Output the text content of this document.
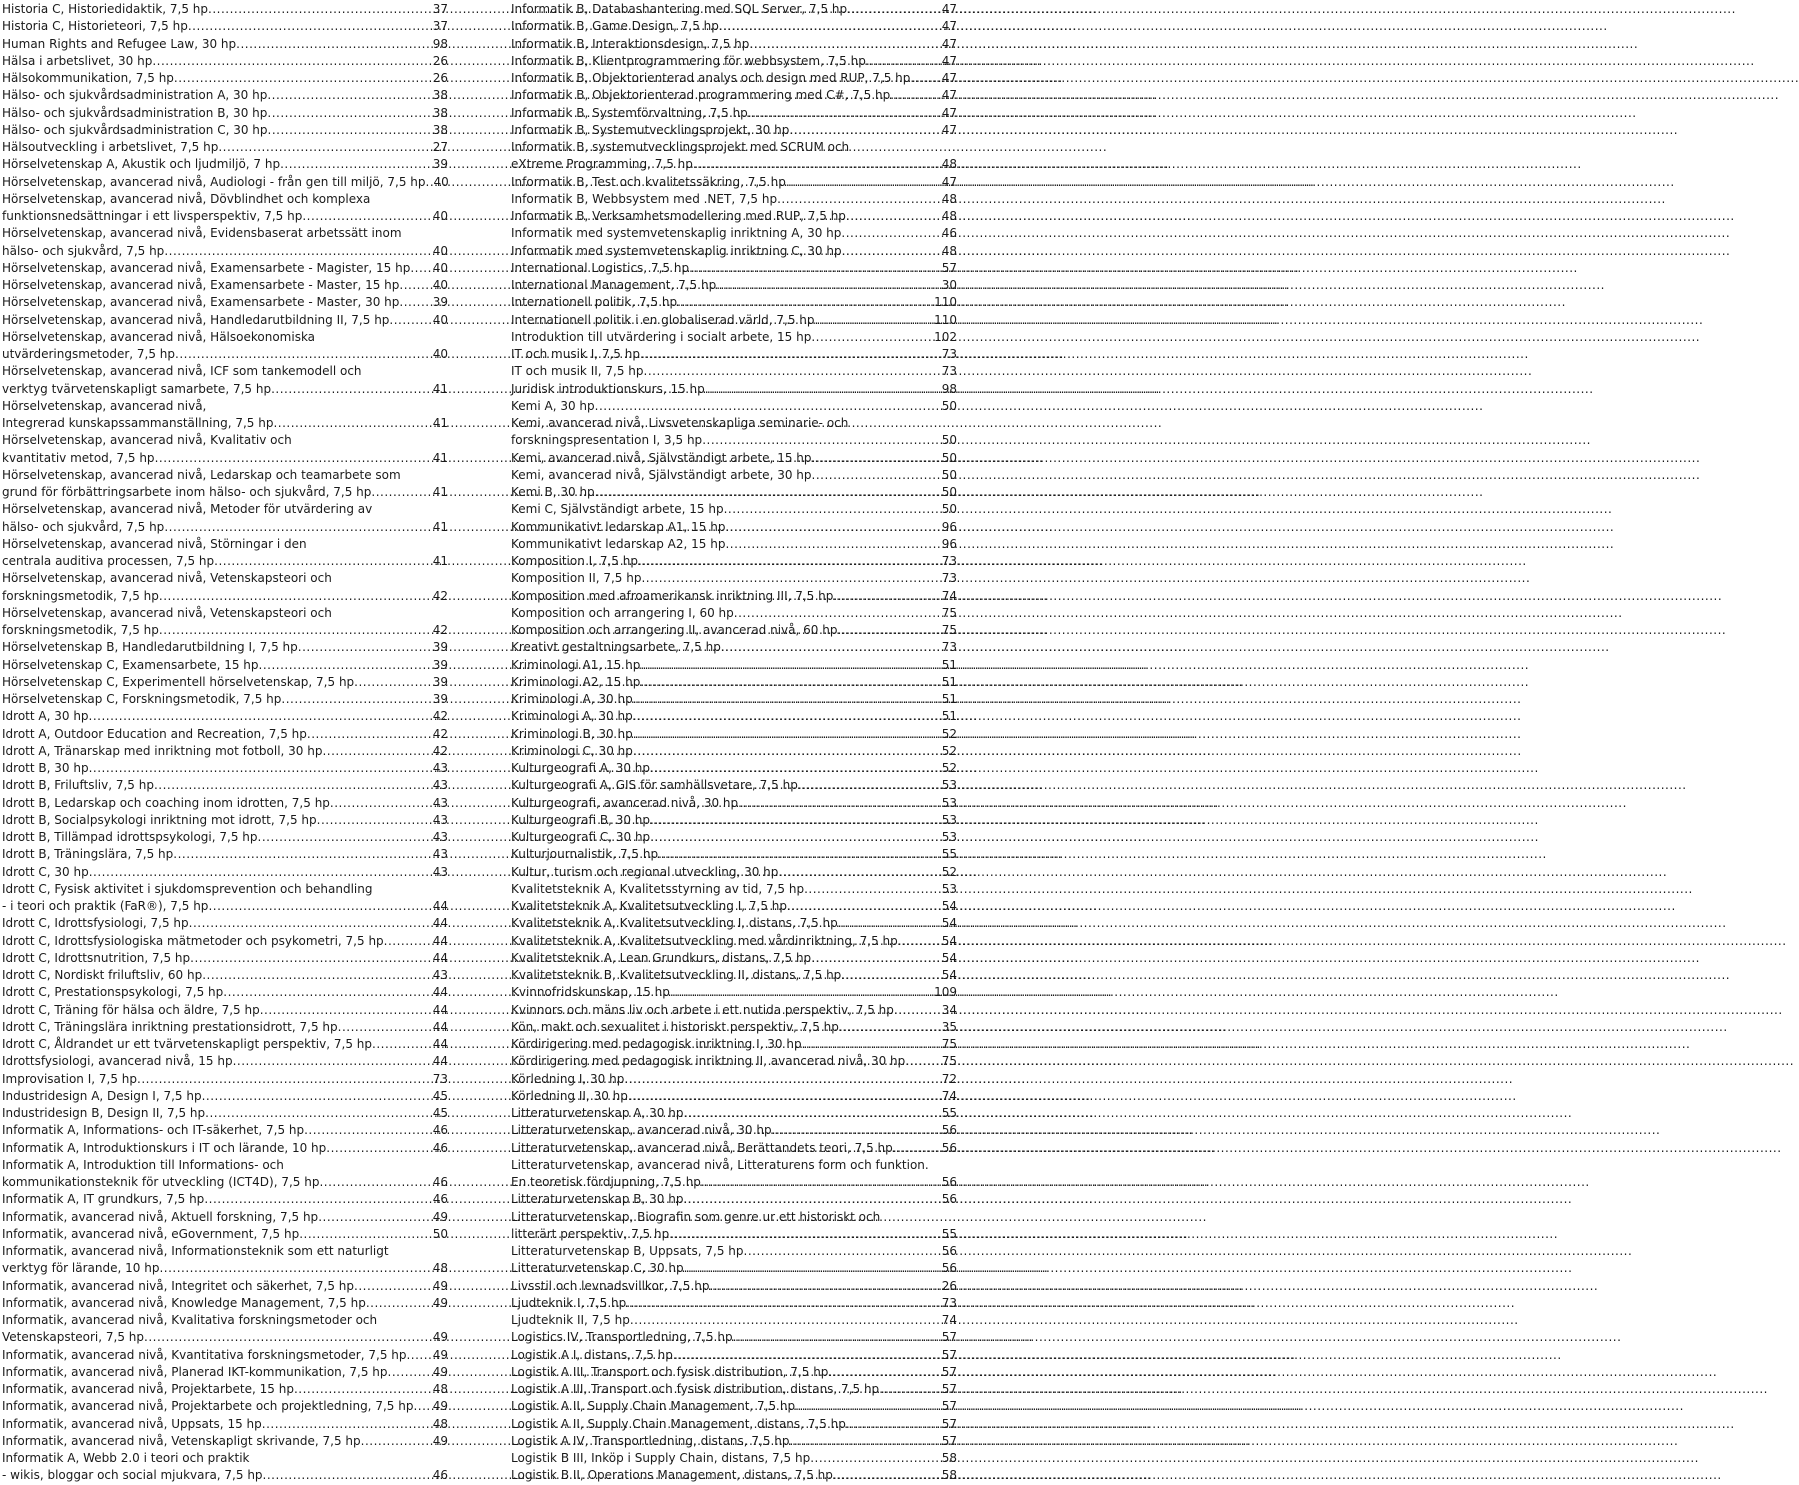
Historia C, Historiedidaktik, 7,5 hp .....	37
Historia C, Historieteori, 7,5 hp .....	37
Human Rights and Refugee Law, 30 hp .....	98
Hälsa i arbetslivet, 30 hp .....	26
Hälsokommunikation, 7,5 hp .....	26
Hälso- och sjukvårdsadministration A, 30 hp .....	38
Hälso- och sjukvårdsadministration B, 30 hp .....	38
Hälso- och sjukvårdsadministration C, 30 hp .....	38
Hälsoutveckling i arbetslivet, 7,5 hp .....	27
Hörselvetenskap A, Akustik och ljudmiljö, 7 hp .....	39
Hörselvetenskap, avancerad nivå, Audiologi - från gen till miljö, 7,5 hp ..... 40
Hörselvetenskap, avancerad nivå, Dövblindhet och komplexa
funktionsnedsättningar i ett livsperspektiv, 7,5 hp .....	40
Hörselvetenskap, avancerad nivå, Evidensbaserat arbetssätt inom
hälso- och sjukvård, 7,5 hp .....	40
Hörselvetenskap, avancerad nivå, Examensarbete - Magister, 15 hp ..... 40
Hörselvetenskap, avancerad nivå, Examensarbete - Master, 15 hp .....	40
Hörselvetenskap, avancerad nivå, Examensarbete - Master, 30 hp .....	39
Hörselvetenskap, avancerad nivå, Handledarutbildning II, 7,5 hp .....	40
Hörselvetenskap, avancerad nivå, Hälsoekonomiska
utvärderingsmetoder, 7,5 hp .....	40
Hörselvetenskap, avancerad nivå, ICF som tankemodell och
verktyg tvärvetenskapligt samarbete, 7,5 hp .....	41
Hörselvetenskap, avancerad nivå,
Integrerad kunskapssammanställning, 7,5 hp .....	41
Hörselvetenskap, avancerad nivå, Kvalitativ och
kvantitativ metod, 7,5 hp .....	41
Hörselvetenskap, avancerad nivå, Ledarskap och teamarbete som
grund för förbättringsarbete inom hälso- och sjukvård, 7,5 hp .....	41
Hörselvetenskap, avancerad nivå, Metoder för utvärdering av
hälso- och sjukvård, 7,5 hp .....	41
Hörselvetenskap, avancerad nivå, Störningar i den
centrala auditiva processen, 7,5 hp .....	41
Hörselvetenskap, avancerad nivå, Vetenskapsteori och
forskningsmetodik, 7,5 hp .....	42
Hörselvetenskap, avancerad nivå, Vetenskapsteori och
forskningsmetodik, 7,5 hp .....	42
Hörselvetenskap B, Handledarutbildning I, 7,5 hp .....	39
Hörselvetenskap C, Examensarbete, 15 hp .....	39
Hörselvetenskap C, Experimentell hörselvetenskap, 7,5 hp .....	39
Hörselvetenskap C, Forskningsmetodik, 7,5 hp .....	39
Idrott A, 30 hp .....	42
Idrott A, Outdoor Education and Recreation, 7,5 hp .....	42
Idrott A, Tränarskap med inriktning mot fotboll, 30 hp .....	42
Idrott B, 30 hp .....	43
Idrott B, Friluftsliv, 7,5 hp .....	43
Idrott B, Ledarskap och coaching inom idrotten, 7,5 hp .....	43
Idrott B, Socialpsykologi inriktning mot idrott, 7,5 hp .....	43
Idrott B, Tillämpad idrottspsykologi, 7,5 hp .....	43
Idrott B, Träningslära, 7,5 hp .....	43
Idrott C, 30 hp .....	43
Idrott C, Fysisk aktivitet i sjukdomsprevention och behandling
- i teori och praktik (FaR®), 7,5 hp .....	44
Idrott C, Idrottsfysiologi, 7,5 hp .....	44
Idrott C, Idrottsfysiologiska mätmetoder och psykometri, 7,5 hp .....	44
Idrott C, Idrottsnutrition, 7,5 hp .....	44
Idrott C, Nordiskt friluftsliv, 60 hp .....	43
Idrott C, Prestationspsykologi, 7,5 hp .....	44
Idrott C, Träning för hälsa och äldre, 7,5 hp .....	44
Idrott C, Träningslära inriktning prestationsidrott, 7,5 hp .....	44
Idrott C, Åldrandet ur ett tvärvetenskapligt perspektiv, 7,5 hp .....	44
Idrottsfysiologi, avancerad nivå, 15 hp .....	44
Improvisation I, 7,5 hp .....	73
Industridesign A, Design I, 7,5 hp .....	45
Industridesign B, Design II, 7,5 hp .....	45
Informatik A, Informations- och IT-säkerhet, 7,5 hp .....	46
Informatik A, Introduktionskurs i IT och lärande, 10 hp .....	46
Informatik A, Introduktion till Informations- och
kommunikationsteknik för utveckling (ICT4D), 7,5 hp .....	46
Informatik A, IT grundkurs, 7,5 hp .....	46
Informatik, avancerad nivå, Aktuell forskning, 7,5 hp .....	49
Informatik, avancerad nivå, eGovernment, 7,5 hp .....	50
Informatik, avancerad nivå, Informationsteknik som ett naturligt
verktyg för lärande, 10 hp .....	48
Informatik, avancerad nivå, Integritet och säkerhet, 7,5 hp .....	49
Informatik, avancerad nivå, Knowledge Management, 7,5 hp .....	49
Informatik, avancerad nivå, Kvalitativa forskningsmetoder och
Vetenskapsteori, 7,5 hp .....	49
Informatik, avancerad nivå, Kvantitativa forskningsmetoder, 7,5 hp ..... 49
Informatik, avancerad nivå, Planerad IKT-kommunikation, 7,5 hp .....	49
Informatik, avancerad nivå, Projektarbete, 15 hp .....	48
Informatik, avancerad nivå, Projektarbete och projektledning, 7,5 hp ..... 49
Informatik, avancerad nivå, Uppsats, 15 hp .....	48
Informatik, avancerad nivå, Vetenskapligt skrivande, 7,5 hp .....	49
Informatik A, Webb 2.0 i teori och praktik
- wikis, bloggar och social mjukvara, 7,5 hp .....	46
Informatik B, Databashantering med SQL Server, 7,5 hp .....	47
Informatik B, Game Design, 7,5 hp .....	47
Informatik B, Interaktionsdesign, 7,5 hp .....	47
Informatik B, Klientprogrammering för webbsystem, 7,5 hp .....	47
Informatik B, Objektorienterad analys och design med RUP, 7,5 hp .....	47
Informatik B, Objektorienterad programmering med C#, 7,5 hp .....	47
Informatik B, Systemförvaltning, 7,5 hp .....	47
Informatik B, Systemutvecklingsprojekt, 30 hp .....	47
Informatik B, systemutvecklingsprojekt med SCRUM och
eXtreme Programming, 7,5 hp .....	48
Informatik B, Test och kvalitetssäkring, 7,5 hp .....	47
Informatik B, Webbsystem med .NET, 7,5 hp .....	48
Informatik B, Verksamhetsmodellering med RUP, 7,5 hp .....	48
Informatik med systemvetenskaplig inriktning A, 30 hp .....	46
Informatik med systemvetenskaplig inriktning C, 30 hp .....	48
International Logistics, 7,5 hp .....	57
International Management, 7,5 hp .....	30
Internationell politik, 7,5 hp .....	110
Internationell politik i en globaliserad värld, 7,5 hp .....	110
Introduktion till utvärdering i socialt arbete, 15 hp .....	102
IT och musik I, 7,5 hp .....	73
IT och musik II, 7,5 hp .....	73
Juridisk introduktionskurs, 15 hp .....	98
Kemi A, 30 hp .....	50
Kemi, avancerad nivå, Livsvetenskapliga seminarie- och
forskningspresentation I, 3,5 hp .....	50
Kemi, avancerad nivå, Självständigt arbete, 15 hp .....	50
Kemi, avancerad nivå, Självständigt arbete, 30 hp .....	50
Kemi B, 30 hp .....	50
Kemi C, Självständigt arbete, 15 hp .....	50
Kommunikativt ledarskap A1, 15 hp .....	96
Kommunikativt ledarskap A2, 15 hp .....	96
Komposition I, 7,5 hp .....	73
Komposition II, 7,5 hp .....	73
Komposition med afroamerikansk inriktning III, 7,5 hp .....	74
Komposition och arrangering I, 60 hp .....	75
Komposition och arrangering II, avancerad nivå, 60 hp .....	75
Kreativt gestaltningsarbete, 7,5 hp .....	73
Kriminologi A1, 15 hp .....	51
Kriminologi A2, 15 hp .....	51
Kriminologi A, 30 hp .....	51
Kriminologi A, 30 hp .....	51
Kriminologi B, 30 hp .....	52
Kriminologi C, 30 hp .....	52
Kulturgeografi A, 30 hp .....	52
Kulturgeografi A, GIS för samhällsvetare, 7,5 hp .....	53
Kulturgeografi, avancerad nivå, 30 hp .....	53
Kulturgeografi B, 30 hp .....	53
Kulturgeografi C, 30 hp .....	53
Kulturjournalistik, 7,5 hp .....	55
Kultur, turism och regional utveckling, 30 hp .....	52
Kvalitetsteknik A, Kvalitetsstyrning av tid, 7,5 hp .....	53
Kvalitetsteknik A, Kvalitetsutveckling I, 7,5 hp .....	54
Kvalitetsteknik A, Kvalitetsutveckling I, distans, 7,5 hp .....	54
Kvalitetsteknik A, Kvalitetsutveckling med vårdinriktning, 7,5 hp .....	54
Kvalitetsteknik A, Lean Grundkurs, distans, 7,5 hp .....	54
Kvalitetsteknik B, Kvalitetsutveckling II, distans, 7,5 hp .....	54
Kvinnofridskunskap, 15 hp .....	109
Kvinnors och mäns liv och arbete i ett nutida perspektiv, 7,5 hp .....	34
Kön, makt och sexualitet i historiskt perspektiv, 7,5 hp .....	35
Kördirigering med pedagogisk inriktning I, 30 hp .....	75
Kördirigering med pedagogisk inriktning II, avancerad nivå, 30 hp .....	75
Körledning I, 30 hp .....	72
Körledning II, 30 hp .....	74
Litteraturvetenskap A, 30 hp .....	55
Litteraturvetenskap, avancerad nivå, 30 hp .....	56
Litteraturvetenskap, avancerad nivå, Berättandets teori, 7,5 hp .....	56
Litteraturvetenskap, avancerad nivå, Litteraturens form och funktion.
En teoretisk fördjupning, 7,5 hp .....	56
Litteraturvetenskap B, 30 hp .....	56
Litteraturvetenskap, Biografin som genre ur ett historiskt och
litterärt perspektiv, 7,5 hp .....	55
Litteraturvetenskap B, Uppsats, 7,5 hp .....	56
Litteraturvetenskap C, 30 hp .....	56
Livsstil och levnadsvillkor, 7,5 hp .....	26
Ljudteknik I, 7,5 hp .....	73
Ljudteknik II, 7,5 hp .....	74
Logistics IV, Transportledning, 7,5 hp .....	57
Logistik A I, distans, 7,5 hp .....	57
Logistik A III, Transport och fysisk distribution, 7,5 hp .....	57
Logistik A III, Transport och fysisk distribution, distans, 7,5 hp .....	57
Logistik A II, Supply Chain Management, 7,5 hp .....	57
Logistik A II, Supply Chain Management, distans, 7,5 hp .....	57
Logistik A IV, Transportledning, distans, 7,5 hp .....	57
Logistik B III, Inköp i Supply Chain, distans, 7,5 hp .....	58
Logistik B II, Operations Management, distans, 7,5 hp .....	58
